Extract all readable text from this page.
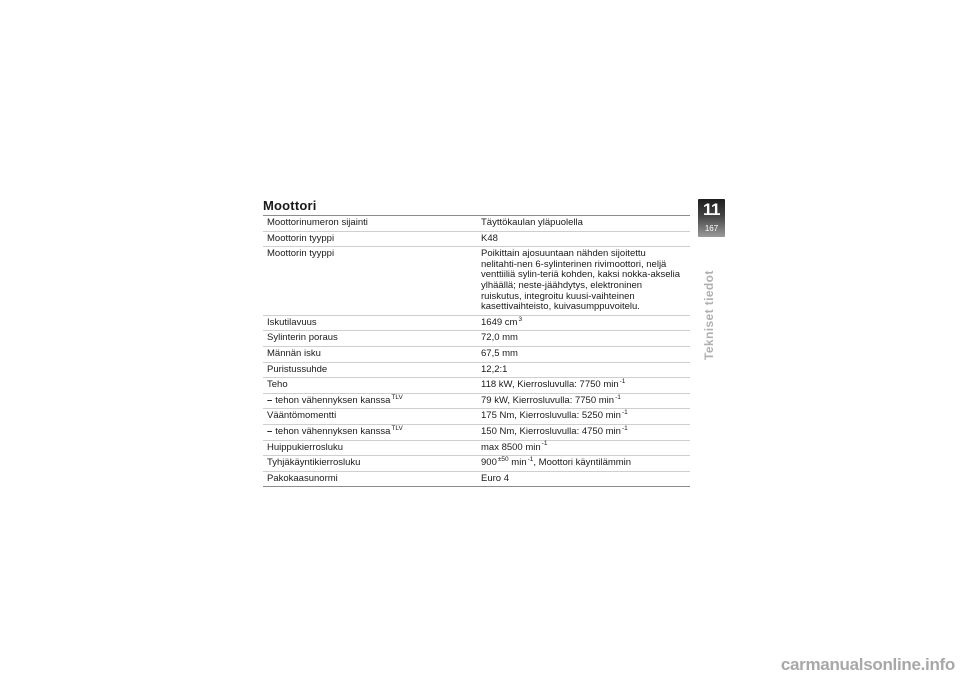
Moottori
Moottorinumeron sijainti	Täyttökaulan yläpuolella
Moottorin tyyppi	K48
Moottorin tyyppi	Poikittain ajosuuntaan nähden sijoitettu nelitahti-nen 6-sylinterinen rivimoottori, neljä venttiiliä sylin-teriä kohden, kaksi nokka-akselia ylhäällä; neste-jäähdytys, elektroninen ruiskutus, integroitu kuusi-vaihteinen kasettivaihteisto, kuivasumppuvoitelu.
Iskutilavuus	1649 $cm^3$
Sylinterin poraus	72,0 mm
Männän isku	67,5 mm
Puristussuhde	12,2:1
Teho	118 kW, Kierrosluvulla: 7750 $\min^{-1}$
– tehon vähennyksen kanssa$^{TLV}$	79 kW, Kierrosluvulla: 7750 $\min^{-1}$
Vääntömomentti	175 Nm, Kierrosluvulla: 5250 $\min^{-1}$
– tehon vähennyksen kanssa$^{TLV}$	150 Nm, Kierrosluvulla: 4750 $\min^{-1}$
Huippukierrosluku	max 8500 $\min^{-1}$
Tyhjäkäyntikierrosluku	$900^{\pm 50}$ $\min^{-1}$, Moottori käyntilämmin
Pakokaasunormi	Euro 4
11
167
Tekniset tiedot
carmanualsonline.info
